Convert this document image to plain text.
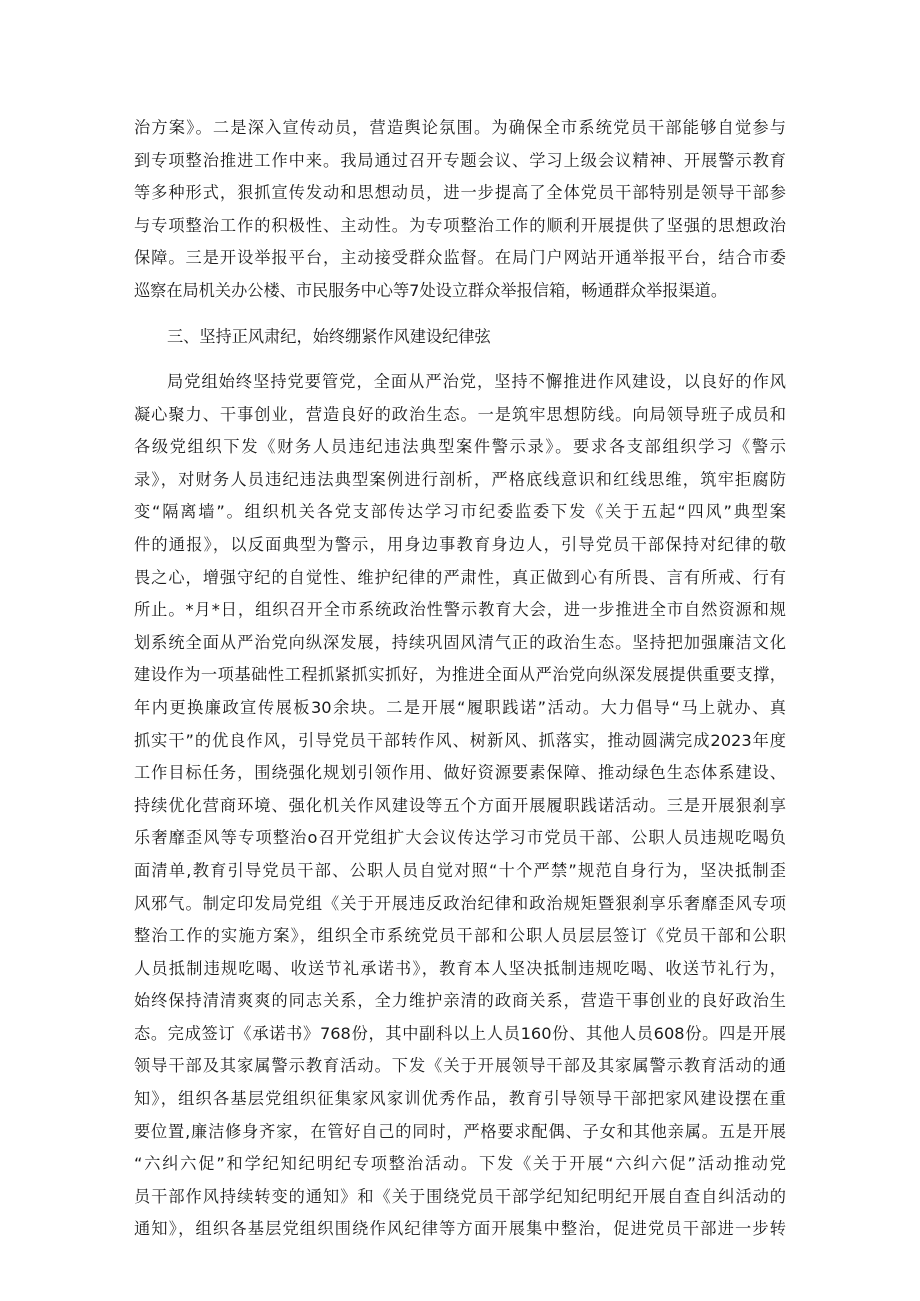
治方案》。二是深入宣传动员，营造舆论氛围。为确保全市系统党员干部能够自觉参与
到专项整治推进工作中来。我局通过召开专题会议、学习上级会议精神、开展警示教育
等多种形式，狠抓宣传发动和思想动员，进一步提高了全体党员干部特别是领导干部参
与专项整治工作的积极性、主动性。为专项整治工作的顺利开展提供了坚强的思想政治
保障。三是开设举报平台，主动接受群众监督。在局门户网站开通举报平台，结合市委
巡察在局机关办公楼、市民服务中心等7处设立群众举报信箱，畅通群众举报渠道。
三、坚持正风肃纪，始终绷紧作风建设纪律弦
局党组始终坚持党要管党，全面从严治党，坚持不懈推进作风建设，以良好的作风
凝心聚力、干事创业，营造良好的政治生态。一是筑牢思想防线。向局领导班子成员和
各级党组织下发《财务人员违纪违法典型案件警示录》。要求各支部组织学习《警示
录》，对财务人员违纪违法典型案例进行剖析，严格底线意识和红线思维，筑牢拒腐防
变“隔离墙”。组织机关各党支部传达学习市纪委监委下发《关于五起“四风”典型案
件的通报》，以反面典型为警示，用身边事教育身边人，引导党员干部保持对纪律的敬
畏之心，增强守纪的自觉性、维护纪律的严肃性，真正做到心有所畏、言有所戒、行有
所止。*月*日，组织召开全市系统政治性警示教育大会，进一步推进全市自然资源和规
划系统全面从严治党向纵深发展，持续巩固风清气正的政治生态。坚持把加强廉洁文化
建设作为一项基础性工程抓紧抓实抓好，为推进全面从严治党向纵深发展提供重要支撑，
年内更换廉政宣传展板30余块。二是开展“履职践诺”活动。大力倡导“马上就办、真
抓实干”的优良作风，引导党员干部转作风、树新风、抓落实，推动圆满完成2023年度
工作目标任务，围绕强化规划引领作用、做好资源要素保障、推动绿色生态体系建设、
持续优化营商环境、强化机关作风建设等五个方面开展履职践诺活动。三是开展狠刹享
乐奢靡歪风等专项整治o召开党组扩大会议传达学习市党员干部、公职人员违规吃喝负
面清单,教育引导党员干部、公职人员自觉对照“十个严禁”规范自身行为，坚决抵制歪
风邪气。制定印发局党组《关于开展违反政治纪律和政治规矩暨狠刹享乐奢靡歪风专项
整治工作的实施方案》，组织全市系统党员干部和公职人员层层签订《党员干部和公职
人员抵制违规吃喝、收送节礼承诺书》，教育本人坚决抵制违规吃喝、收送节礼行为，
始终保持清清爽爽的同志关系，全力维护亲清的政商关系，营造干事创业的良好政治生
态。完成签订《承诺书》768份，其中副科以上人员160份、其他人员608份。四是开展
领导干部及其家属警示教育活动。下发《关于开展领导干部及其家属警示教育活动的通
知》，组织各基层党组织征集家风家训优秀作品，教育引导领导干部把家风建设摆在重
要位置,廉洁修身齐家，在管好自己的同时，严格要求配偶、子女和其他亲属。五是开展
“六纠六促”和学纪知纪明纪专项整治活动。下发《关于开展“六纠六促”活动推动党
员干部作风持续转变的通知》和《关于围绕党员干部学纪知纪明纪开展自查自纠活动的
通知》，组织各基层党组织围绕作风纪律等方面开展集中整治，促进党员干部进一步转
